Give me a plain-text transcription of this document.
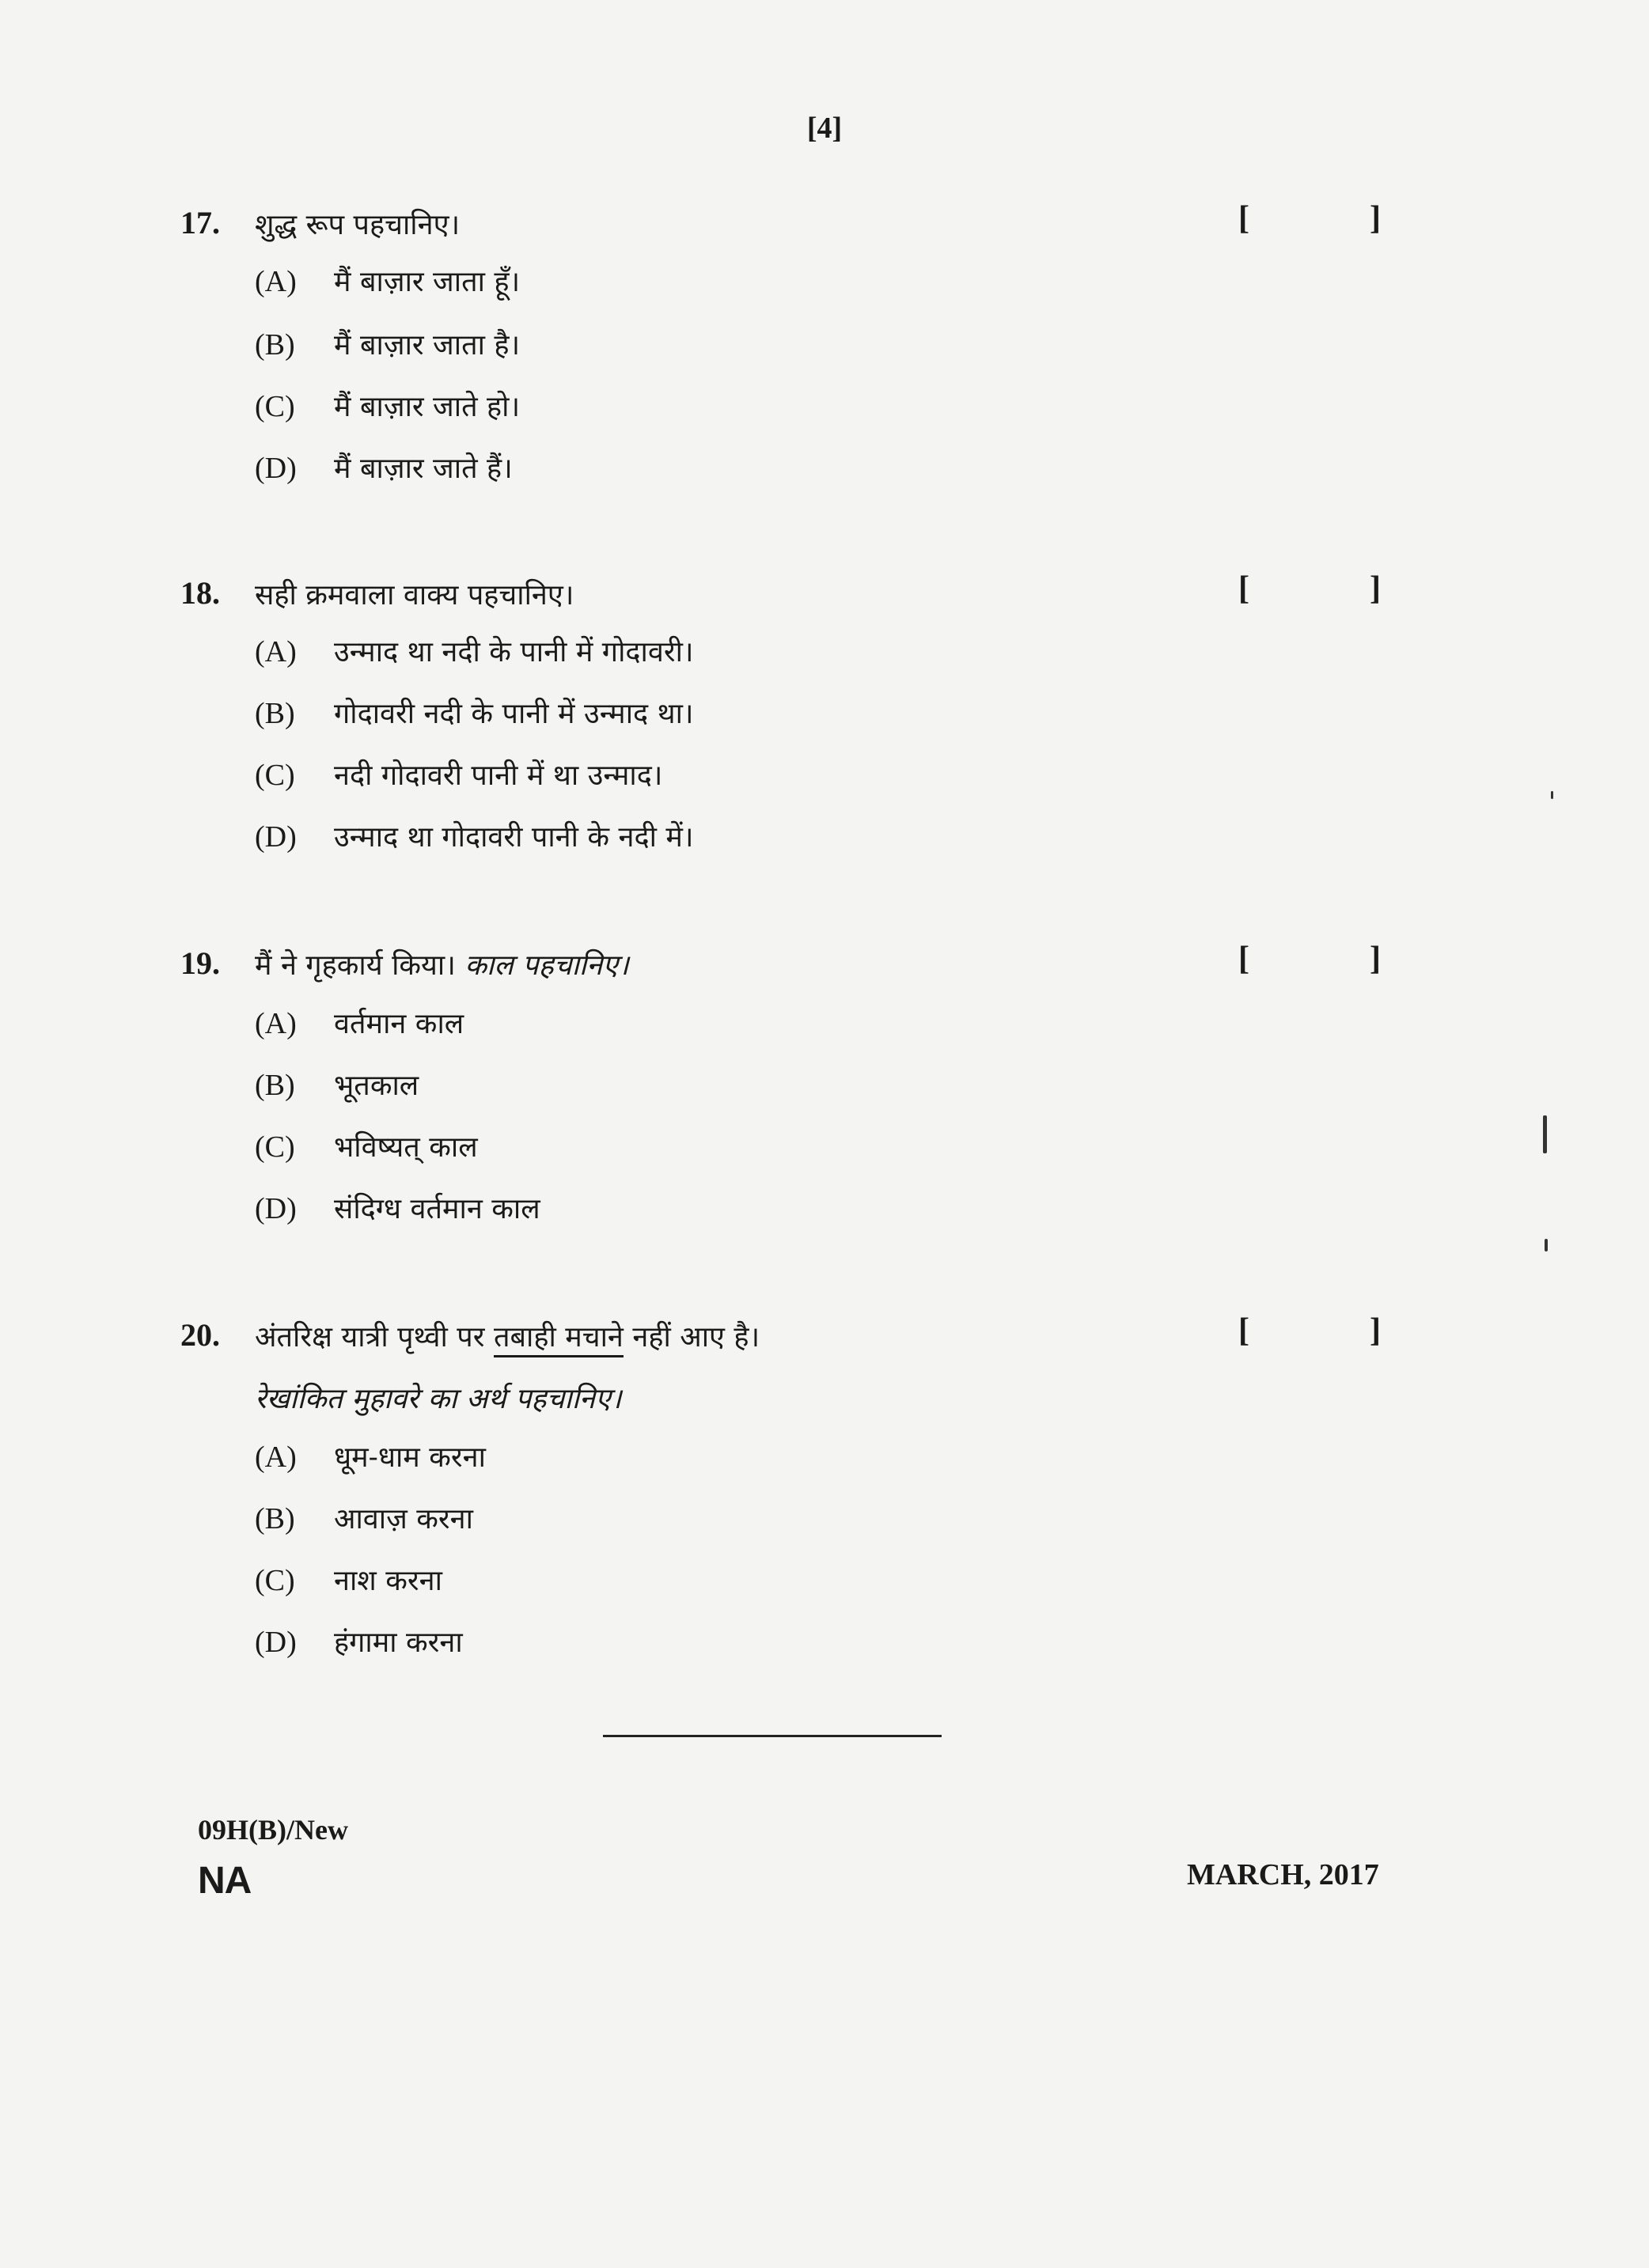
[4]
17. शुद्ध रूप पहचानिए।	[	]
(A) मैं बाज़ार जाता हूँ।
(B) मैं बाज़ार जाता है।
(C) मैं बाज़ार जाते हो।
(D) मैं बाज़ार जाते हैं।
18. सही क्रमवाला वाक्य पहचानिए।	[	]
(A) उन्माद था नदी के पानी में गोदावरी।
(B) गोदावरी नदी के पानी में उन्माद था।
(C) नदी गोदावरी पानी में था उन्माद।
(D) उन्माद था गोदावरी पानी के नदी में।
19. मैं ने गृहकार्य किया। काल पहचानिए।	[	]
(A) वर्तमान काल
(B) भूतकाल
(C) भविष्यत् काल
(D) संदिग्ध वर्तमान काल
20. अंतरिक्ष यात्री पृथ्वी पर तबाही मचाने नहीं आए है।
रेखांकित मुहावरे का अर्थ पहचानिए।
[	]
(A) धूम-धाम करना
(B) आवाज़ करना
(C) नाश करना
(D) हंगामा करना
09H(B)/New
NA	MARCH, 2017
